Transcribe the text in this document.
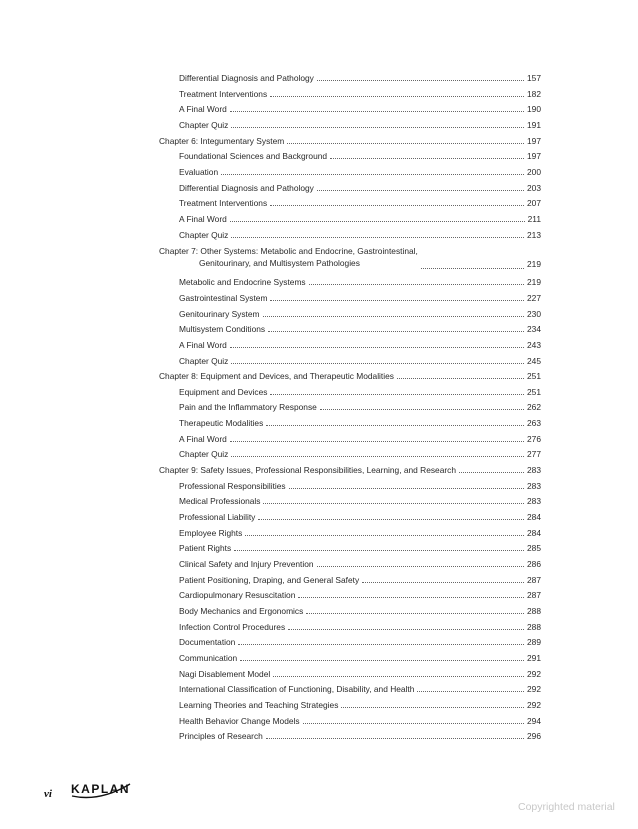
Differential Diagnosis and Pathology	157
Treatment Interventions	182
A Final Word	190
Chapter Quiz	191
Chapter 6: Integumentary System	197
Foundational Sciences and Background	197
Evaluation	200
Differential Diagnosis and Pathology	203
Treatment Interventions	207
A Final Word	211
Chapter Quiz	213
Chapter 7: Other Systems: Metabolic and Endocrine, Gastrointestinal,
Genitourinary, and Multisystem Pathologies	219
Metabolic and Endocrine Systems	219
Gastrointestinal System	227
Genitourinary System	230
Multisystem Conditions	234
A Final Word	243
Chapter Quiz	245
Chapter 8: Equipment and Devices, and Therapeutic Modalities	251
Equipment and Devices	251
Pain and the Inflammatory Response	262
Therapeutic Modalities	263
A Final Word	276
Chapter Quiz	277
Chapter 9: Safety Issues, Professional Responsibilities, Learning, and Research	283
Professional Responsibilities	283
Medical Professionals	283
Professional Liability	284
Employee Rights	284
Patient Rights	285
Clinical Safety and Injury Prevention	286
Patient Positioning, Draping, and General Safety	287
Cardiopulmonary Resuscitation	287
Body Mechanics and Ergonomics	288
Infection Control Procedures	288
Documentation	289
Communication	291
Nagi Disablement Model	292
International Classification of Functioning, Disability, and Health	292
Learning Theories and Teaching Strategies	292
Health Behavior Change Models	294
Principles of Research	296
vi KAPLAN
Copyrighted material
